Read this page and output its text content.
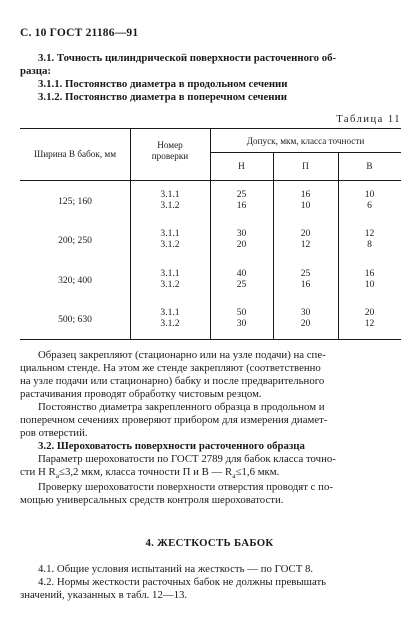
С. 10 ГОСТ 21186—91
3.1. Точность цилиндрической поверхности расточенного об-
разца:
3.1.1. Постоянство диаметра в продольном сечении
3.1.2. Постоянство диаметра в поперечном сечении
Таблица 11
Ширина B бабок, мм
Номер
проверки
Допуск, мкм, класса точности
Н	П	В
125; 160
3.1.1
3.1.2
25
16
16
10
10
6
200; 250
3.1.1
3.1.2
30
20
20
12
12
8
320; 400
3.1.1
3.1.2
40
25
25
16
16
10
500; 630
3.1.1
3.1.2
50
30
30
20
20
12
Образец закрепляют (стационарно или на узле подачи) на спе-
циальном стенде. На этом же стенде закрепляют (соответственно
на узле подачи или стационарно) бабку и после предварительного
растачивания проводят обработку чистовым резцом.
Постоянство диаметра закрепленного образца в продольном и
поперечном сечениях проверяют прибором для измерения диамет-
ров отверстий.
3.2. Шероховатость поверхности расточенного образца
Параметр шероховатости по ГОСТ 2789 для бабок класса точно-
сти Н $R_a\le 3,2$ мкм, класса точности П и В — $R_a\le 1,6$ мкм.
Проверку шероховатости поверхности отверстия проводят с по-
мощью универсальных средств контроля шероховатости.
4. ЖЕСТКОСТЬ БАБОК
4.1. Общие условия испытаний на жесткость — по ГОСТ 8.
4.2. Нормы жесткости расточных бабок не должны превышать
значений, указанных в табл. 12—13.
